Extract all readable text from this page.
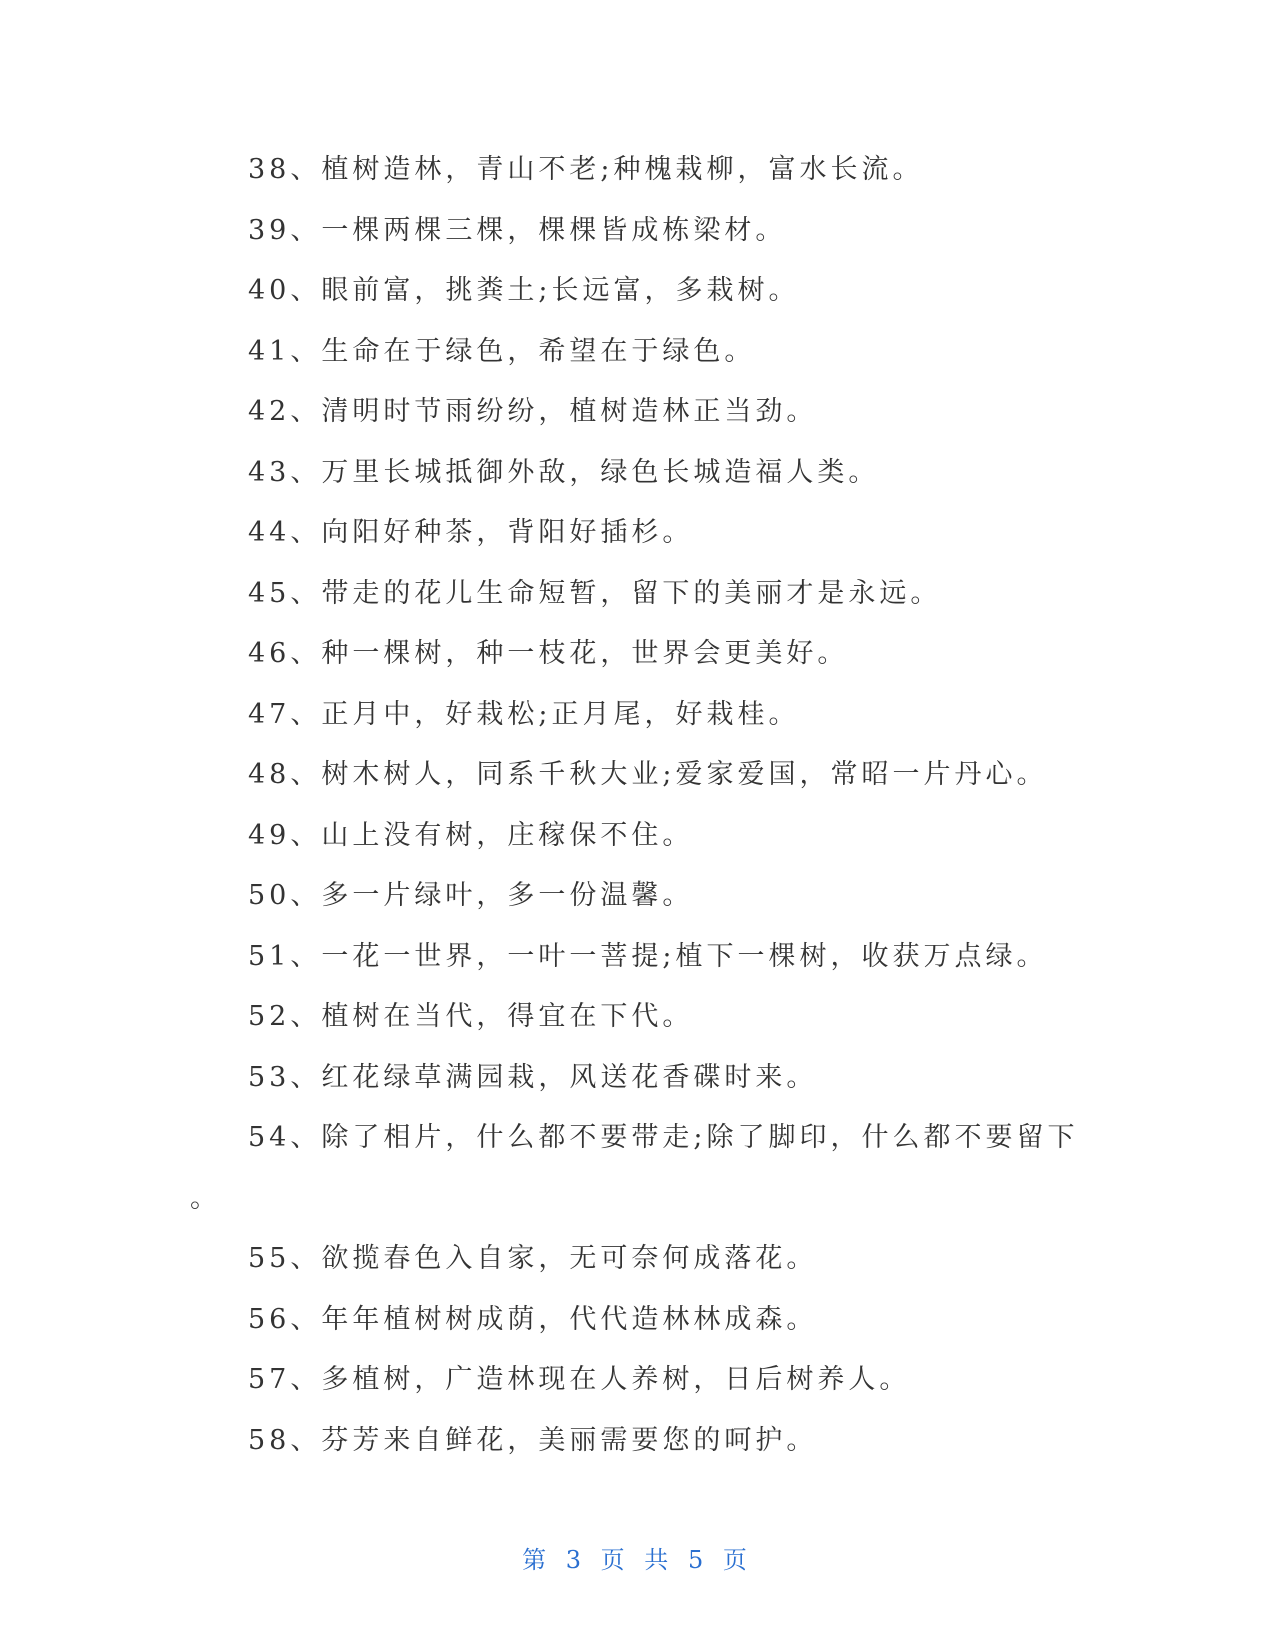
38、植树造林，青山不老;种槐栽柳，富水长流。
39、一棵两棵三棵，棵棵皆成栋梁材。
40、眼前富，挑粪土;长远富，多栽树。
41、生命在于绿色，希望在于绿色。
42、清明时节雨纷纷，植树造林正当劲。
43、万里长城抵御外敌，绿色长城造福人类。
44、向阳好种茶，背阳好插杉。
45、带走的花儿生命短暂，留下的美丽才是永远。
46、种一棵树，种一枝花，世界会更美好。
47、正月中，好栽松;正月尾，好栽桂。
48、树木树人，同系千秋大业;爱家爱国，常昭一片丹心。
49、山上没有树，庄稼保不住。
50、多一片绿叶，多一份温馨。
51、一花一世界，一叶一菩提;植下一棵树，收获万点绿。
52、植树在当代，得宜在下代。
53、红花绿草满园栽，风送花香碟时来。
54、除了相片，什么都不要带走;除了脚印，什么都不要留下
。
55、欲揽春色入自家，无可奈何成落花。
56、年年植树树成荫，代代造林林成森。
57、多植树，广造林现在人养树，日后树养人。
58、芬芳来自鲜花，美丽需要您的呵护。
第 3 页 共 5 页
